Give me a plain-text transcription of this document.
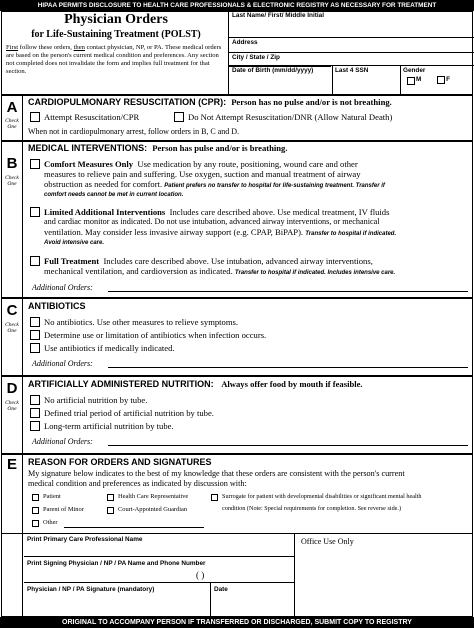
HIPAA PERMITS DISCLOSURE TO HEALTH CARE PROFESSIONALS & ELECTRONIC REGISTRY AS NECESSARY FOR TREATMENT
Physician Orders
for Life-Sustaining Treatment (POLST)
First follow these orders, then contact physician, NP, or PA. These medical orders are based on the person's current medical condition and preferences. Any section not completed does not invalidate the form and implies full treatment for that section.
Last Name/ First/ Middle Initial
Address
City / State / Zip
Date of Birth (mm/dd/yyyy)	Last 4 SSN	Gender
M	F
A
Check One
B
Check One
C
Check One
D
Check One
E
CARDIOPULMONARY RESUSCITATION (CPR): Person has no pulse and/or is not breathing.
Attempt Resuscitation/CPR	Do Not Attempt Resuscitation/DNR (Allow Natural Death)
When not in cardiopulmonary arrest, follow orders in B, C and D.
MEDICAL INTERVENTIONS: Person has pulse and/or is breathing.
Comfort Measures Only Use medication by any route, positioning, wound care and other
measures to relieve pain and suffering. Use oxygen, suction and manual treatment of airway
obstruction as needed for comfort. Patient prefers no transfer to hospital for life-sustaining treatment. Transfer if
comfort needs cannot be met in current location.
Limited Additional Interventions Includes care described above. Use medical treatment, IV fluids
and cardiac monitor as indicated. Do not use intubation, advanced airway interventions, or mechanical
ventilation. May consider less invasive airway support (e.g. CPAP, BiPAP). Transfer to hospital if indicated.
Avoid intensive care.
Full Treatment Includes care described above. Use intubation, advanced airway interventions,
mechanical ventilation, and cardioversion as indicated. Transfer to hospital if indicated. Includes intensive care.
Additional Orders:
ANTIBIOTICS
No antibiotics. Use other measures to relieve symptoms.
Determine use or limitation of antibiotics when infection occurs.
Use antibiotics if medically indicated.
Additional Orders:
ARTIFICIALLY ADMINISTERED NUTRITION: Always offer food by mouth if feasible.
No artificial nutrition by tube.
Defined trial period of artificial nutrition by tube.
Long-term artificial nutrition by tube.
Additional Orders:
REASON FOR ORDERS AND SIGNATURES
My signature below indicates to the best of my knowledge that these orders are consistent with the person's current
medical condition and preferences as indicated by discussion with:
Patient	Health Care Representative	Surrogate for patient with developmental disabilities or significant mental health
condition (Note: Special requirements for completion. See reverse side.)
Parent of Minor	Court-Appointed Guardian
Other
Print Primary Care Professional Name
Print Signing Physician / NP / PA Name and Phone Number
( )
Physician / NP / PA Signature (mandatory)	Date
Office Use Only
ORIGINAL TO ACCOMPANY PERSON IF TRANSFERRED OR DISCHARGED, SUBMIT COPY TO REGISTRY
